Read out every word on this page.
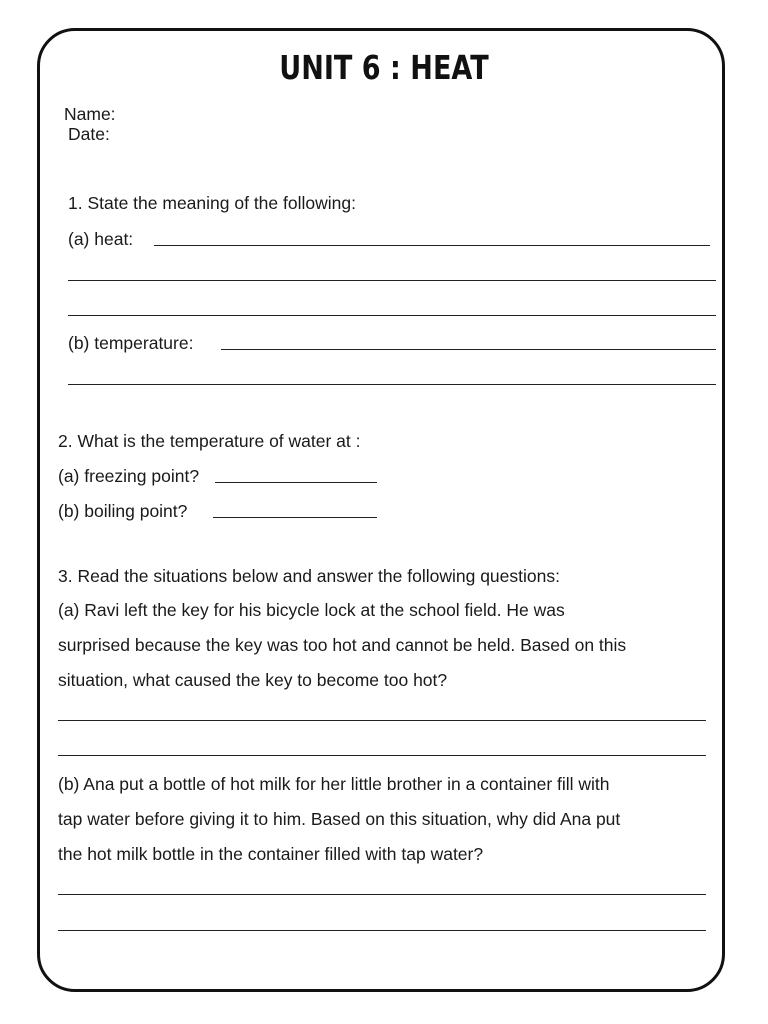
UNIT 6 : HEAT
Name:
Date:
1. State the meaning of the following:
(a) heat:
(b) temperature:
2. What is the temperature of water at :
(a) freezing point?
(b) boiling point?
3. Read the situations below and answer the following questions:
(a) Ravi left the key for his bicycle lock at the school field. He was
surprised because the key was too hot and cannot be held. Based on this
situation, what caused the key to become too hot?
(b) Ana put a bottle of hot milk for her little brother in a container fill with
tap water before giving it to him. Based on this situation, why did Ana put
the hot milk bottle in the container filled with tap water?
